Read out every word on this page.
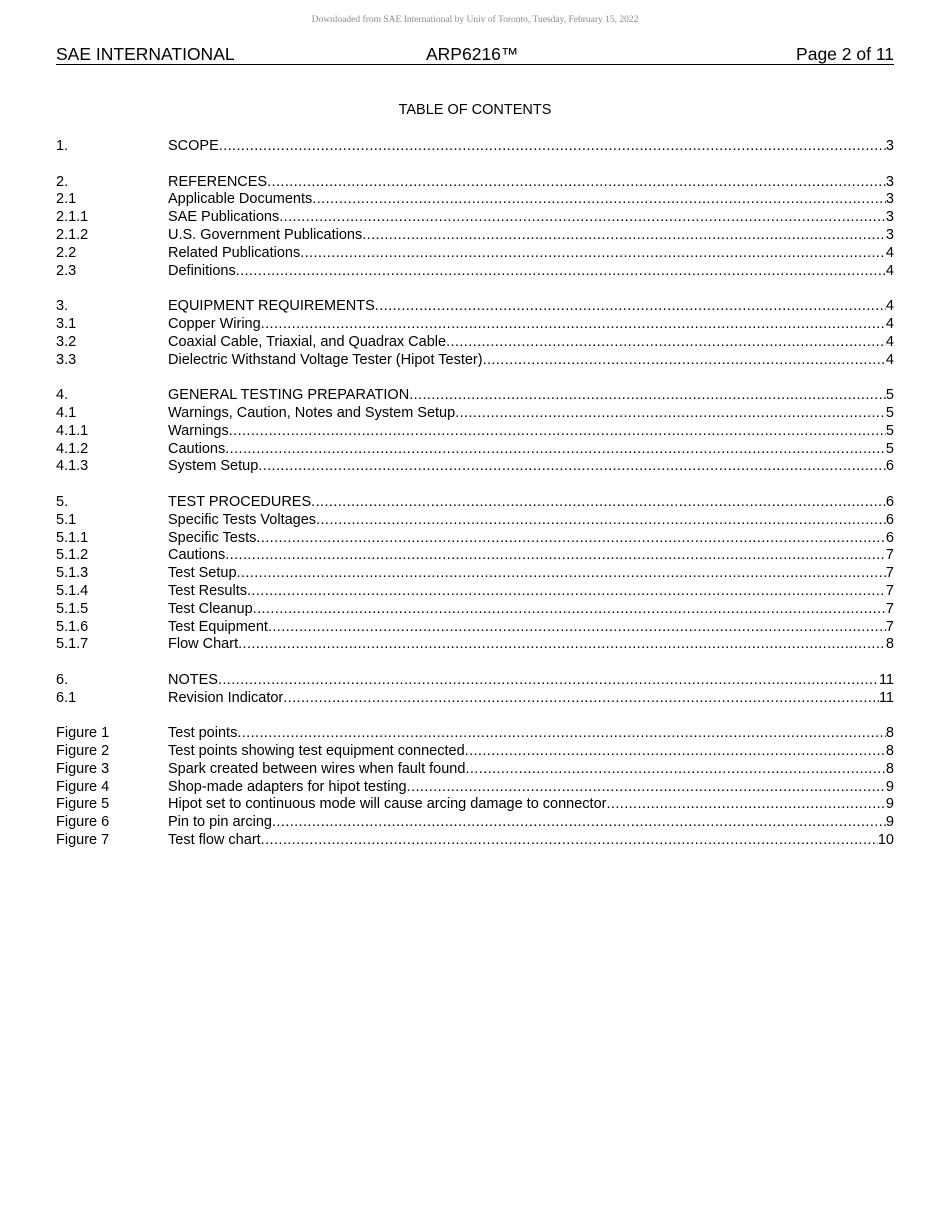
Downloaded from SAE International by Univ of Toronto, Tuesday, February 15, 2022
SAE INTERNATIONAL	ARP6216™	Page 2 of 11
TABLE OF CONTENTS
1.	SCOPE .....	3
2.	REFERENCES .....	3
2.1	Applicable Documents .....	3
2.1.1	SAE Publications .....	3
2.1.2	U.S. Government Publications .....	3
2.2	Related Publications .....	4
2.3	Definitions .....	4
3.	EQUIPMENT REQUIREMENTS .....	4
3.1	Copper Wiring .....	4
3.2	Coaxial Cable, Triaxial, and Quadrax Cable .....	4
3.3	Dielectric Withstand Voltage Tester (Hipot Tester) .....	4
4.	GENERAL TESTING PREPARATION .....	5
4.1	Warnings, Caution, Notes and System Setup .....	5
4.1.1	Warnings .....	5
4.1.2	Cautions .....	5
4.1.3	System Setup .....	6
5.	TEST PROCEDURES .....	6
5.1	Specific Tests Voltages .....	6
5.1.1	Specific Tests .....	6
5.1.2	Cautions .....	7
5.1.3	Test Setup .....	7
5.1.4	Test Results .....	7
5.1.5	Test Cleanup .....	7
5.1.6	Test Equipment .....	7
5.1.7	Flow Chart .....	8
6.	NOTES .....	11
6.1	Revision Indicator .....	11
Figure 1	Test points .....	8
Figure 2	Test points showing test equipment connected .....	8
Figure 3	Spark created between wires when fault found .....	8
Figure 4	Shop-made adapters for hipot testing .....	9
Figure 5	Hipot set to continuous mode will cause arcing damage to connector .....	9
Figure 6	Pin to pin arcing .....	9
Figure 7	Test flow chart .....	10
